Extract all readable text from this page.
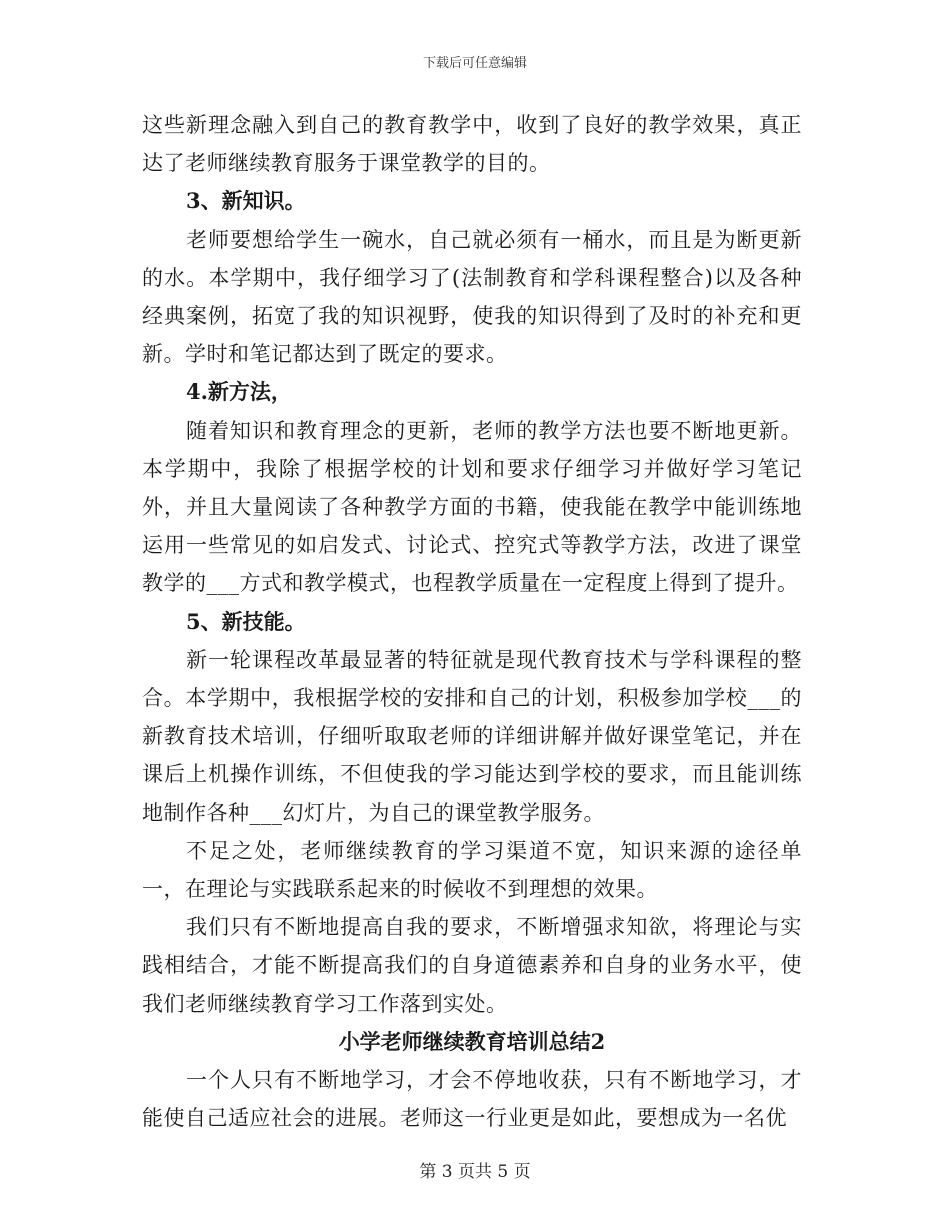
下载后可任意编辑

这些新理念融入到自己的教育教学中，收到了良好的教学效果，真正达了老师继续教育服务于课堂教学的目的。

3、新知识。

老师要想给学生一碗水，自己就必须有一桶水，而且是为断更新的水。本学期中，我仔细学习了(法制教育和学科课程整合)以及各种经典案例，拓宽了我的知识视野，使我的知识得到了及时的补充和更新。学时和笔记都达到了既定的要求。

4.新方法，

随着知识和教育理念的更新，老师的教学方法也要不断地更新。本学期中，我除了根据学校的计划和要求仔细学习并做好学习笔记外，并且大量阅读了各种教学方面的书籍，使我能在教学中能训练地运用一些常见的如启发式、讨论式、控究式等教学方法，改进了课堂教学的___方式和教学模式，也程教学质量在一定程度上得到了提升。

5、新技能。

新一轮课程改革最显著的特征就是现代教育技术与学科课程的整合。本学期中，我根据学校的安排和自己的计划，积极参加学校___的新教育技术培训，仔细听取取老师的详细讲解并做好课堂笔记，并在课后上机操作训练，不但使我的学习能达到学校的要求，而且能训练地制作各种___幻灯片，为自己的课堂教学服务。

不足之处，老师继续教育的学习渠道不宽，知识来源的途径单一，在理论与实践联系起来的时候收不到理想的效果。

我们只有不断地提高自我的要求，不断增强求知欲，将理论与实践相结合，才能不断提高我们的自身道德素养和自身的业务水平，使我们老师继续教育学习工作落到实处。

小学老师继续教育培训总结2

一个人只有不断地学习，才会不停地收获，只有不断地学习，才能使自己适应社会的进展。老师这一行业更是如此，要想成为一名优

第 3 页共 5 页
